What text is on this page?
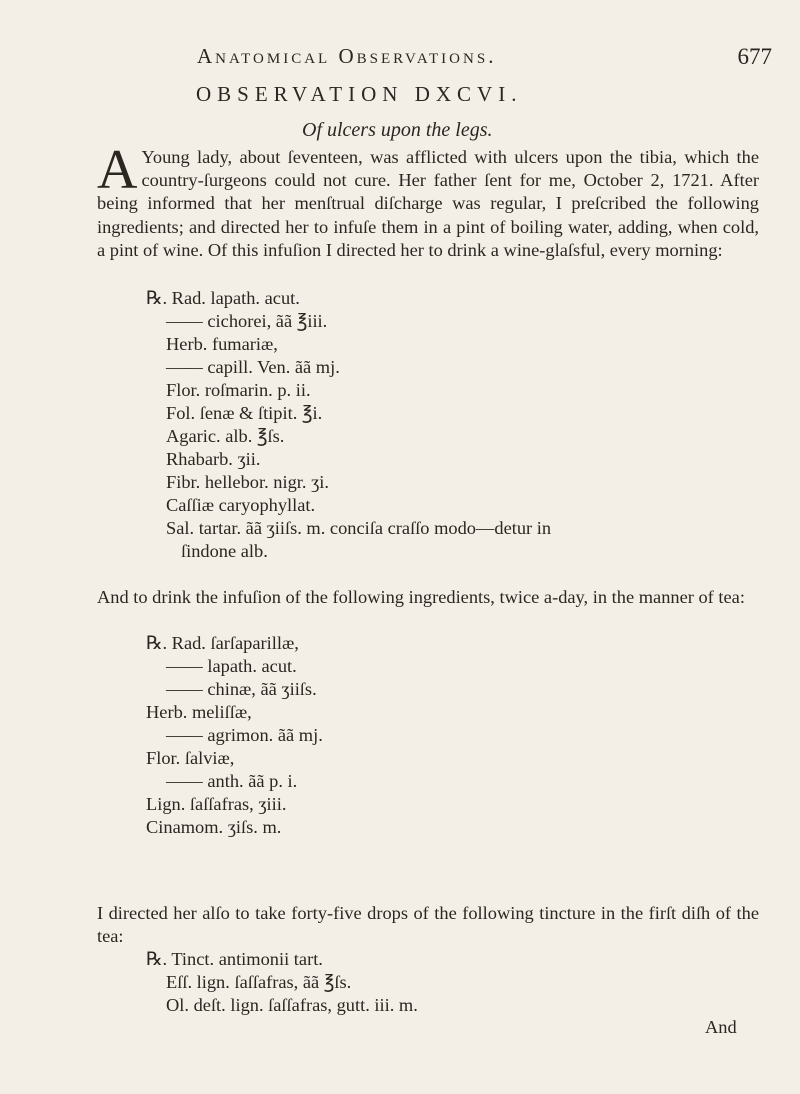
Anatomical Observations.	677
OBSERVATION DXCVI.
Of ulcers upon the legs.

A Young lady, about ſeventeen, was afflicted with ulcers upon the tibia, which the country-ſurgeons could not cure. Her father ſent for me, October 2, 1721. After being informed that her menſtrual diſcharge was regular, I preſcribed the following ingredients; and directed her to infuſe them in a pint of boiling water, adding, when cold, a pint of wine. Of this infuſion I directed her to drink a wine-glaſsful, every morning:

℞. Rad. lapath. acut.
—— cichorei, ãã ℥iii.
Herb. fumariæ,
—— capill. Ven. ãã mj.
Flor. roſmarin. p. ii.
Fol. ſenæ & ſtipit. ℥i.
Agaric. alb. ℥ſs.
Rhabarb. ʒii.
Fibr. hellebor. nigr. ʒi.
Caſſiæ caryophyllat.
Sal. tartar. ãã ʒiiſs. m. conciſa craſſo modo—detur in
ſindone alb.

And to drink the infuſion of the following ingredients, twice a-day, in the manner of tea:

℞. Rad. ſarſaparillæ,
—— lapath. acut.
—— chinæ, ãã ʒiiſs.
Herb. meliſſæ,
—— agrimon. ãã mj.
Flor. ſalviæ,
—— anth. ãã p. i.
Lign. ſaſſafras, ʒiii.
Cinamom. ʒiſs. m.

I directed her alſo to take forty-five drops of the following tincture in the firſt diſh of the tea:

℞. Tinct. antimonii tart.
Eſſ. lign. ſaſſafras, ãã ℥ſs.
Ol. deſt. lign. ſaſſafras, gutt. iii. m.
And
